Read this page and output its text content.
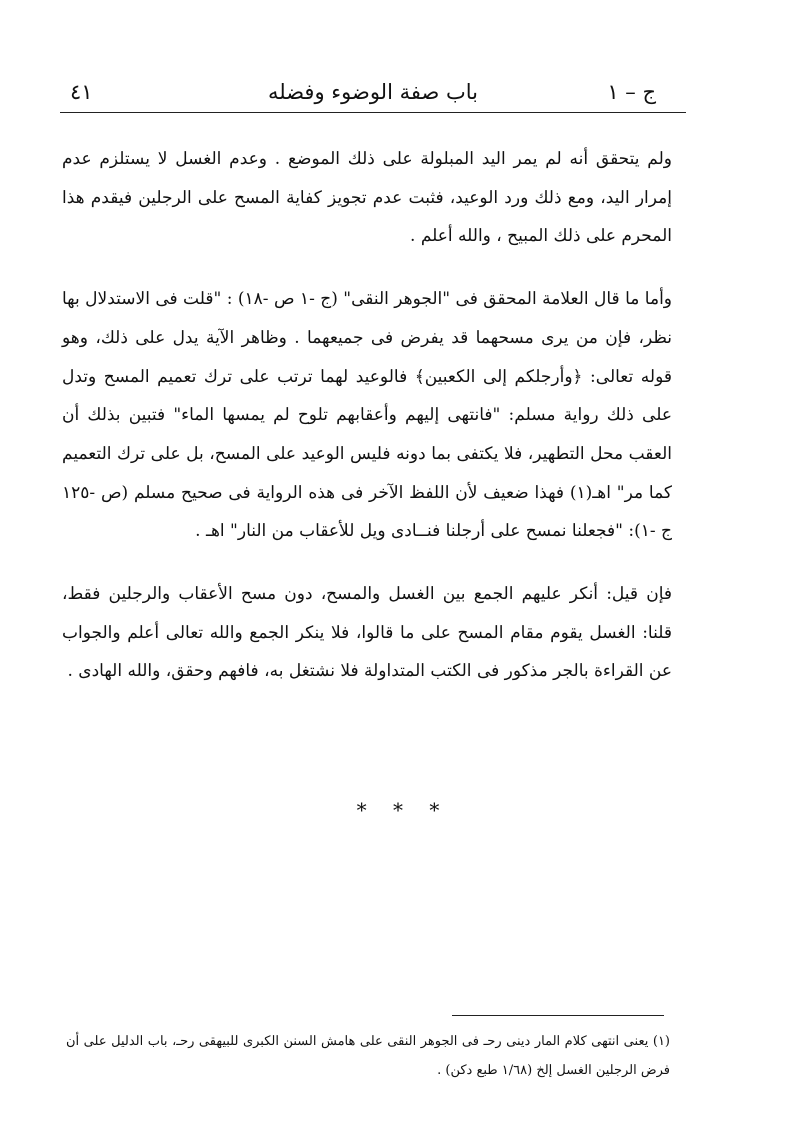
ج – ١
باب صفة الوضوء وفضله
٤١

ولم يتحقق أنه لم يمر اليد المبلولة على ذلك الموضع . وعدم الغسل لا يستلزم عدم إمرار اليد، ومع ذلك ورد الوعيد، فثبت عدم تجويز كفاية المسح على الرجلين فيقدم هذا المحرم على ذلك المبيح ، والله أعلم .

وأما ما قال العلامة المحقق فى "الجوهر النقى" (ج -١ ص -١٨) : "قلت فى الاستدلال بها نظر، فإن من يرى مسحهما قد يفرض فى جميعهما . وظاهر الآية يدل على ذلك، وهو قوله تعالى: ﴿وأرجلكم إلى الكعبين﴾ فالوعيد لهما ترتب على ترك تعميم المسح وتدل على ذلك رواية مسلم: "فانتهى إليهم وأعقابهم تلوح لم يمسها الماء" فتبين بذلك أن العقب محل التطهير، فلا يكتفى بما دونه فليس الوعيد على المسح، بل على ترك التعميم كما مر" اهـ(١) فهذا ضعيف لأن اللفظ الآخر فى هذه الرواية فى صحيح مسلم (ص -١٢٥ ج -١): "فجعلنا نمسح على أرجلنا فنــادى ويل للأعقاب من النار" اهـ .

فإن قيل: أنكر عليهم الجمع بين الغسل والمسح، دون مسح الأعقاب والرجلين فقط، قلنا: الغسل يقوم مقام المسح على ما قالوا، فلا ينكر الجمع والله تعالى أعلم والجواب عن القراءة بالجر مذكور فى الكتب المتداولة فلا نشتغل به، فافهم وحقق، والله الهادى .

* * *
(١) يعنى انتهى كلام المار دينى رحـ فى الجوهر النقى على هامش السنن الكبرى للبيهقى رحـ، باب الدليل على أن فرض الرجلين الغسل إلخ (١/٦٨ طبع دكن) .
